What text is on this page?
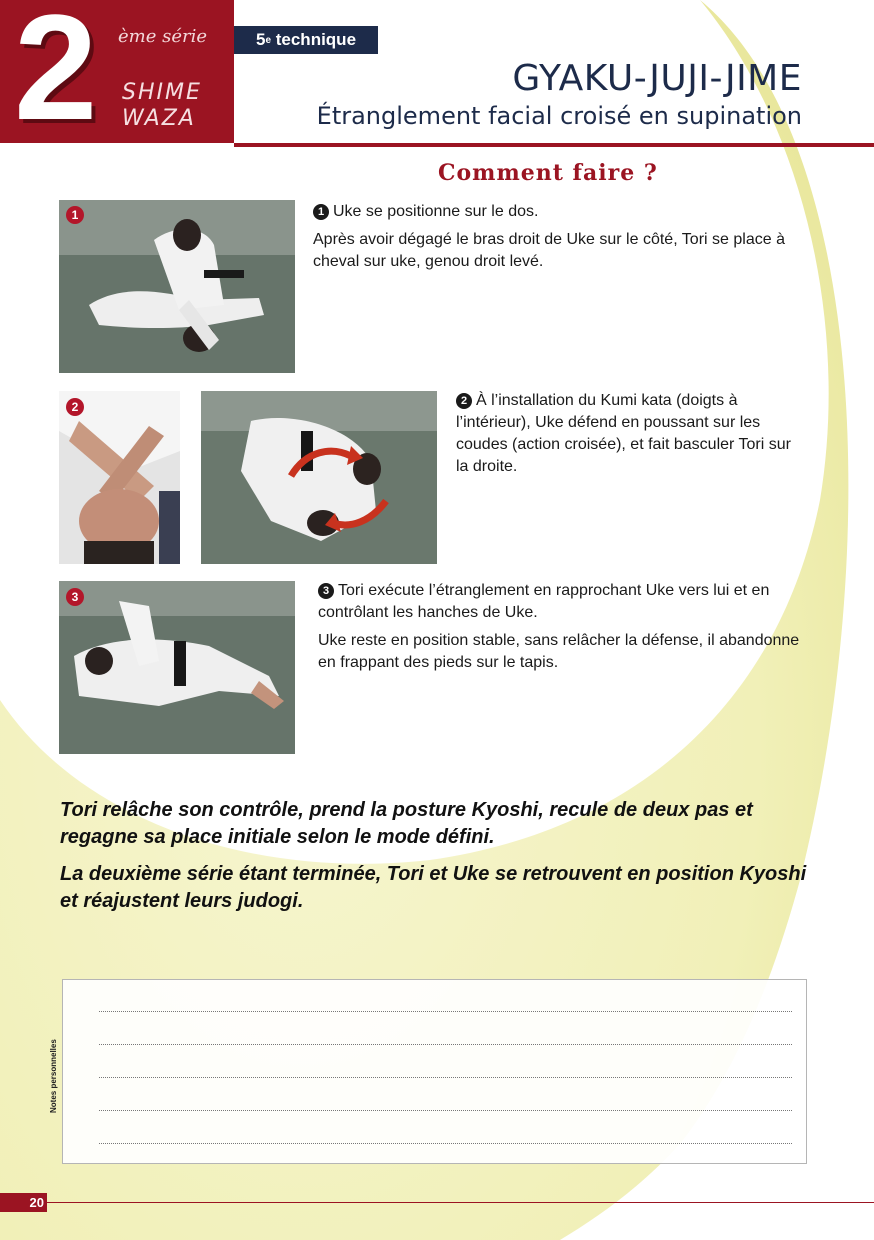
2 ème série
SHIME
WAZA
5 e
technique
GYAKU-JUJI-JIME
Étranglement facial croisé en supination
Comment faire ?
1	1 Uke se positionne sur le dos.

Après avoir dégagé le bras droit de Uke sur le côté, Tori se place à cheval sur uke, genou droit levé.

2	2 À l’installation du Kumi kata (doigts à l’intérieur), Uke défend en poussant sur les coudes (action croisée), et fait basculer Tori sur la droite.

3	3 Tori exécute l’étranglement en rapprochant Uke vers lui et en contrôlant les hanches de Uke.

Uke reste en position stable, sans relâcher la défense, il abandonne en frappant des pieds sur le tapis.

Tori relâche son contrôle, prend la posture Kyoshi, recule de deux pas et regagne sa place initiale selon le mode défini.

La deuxième série étant terminée, Tori et Uke se retrouvent en position Kyoshi et réajustent leurs judogi.

Notes personnelles
20
